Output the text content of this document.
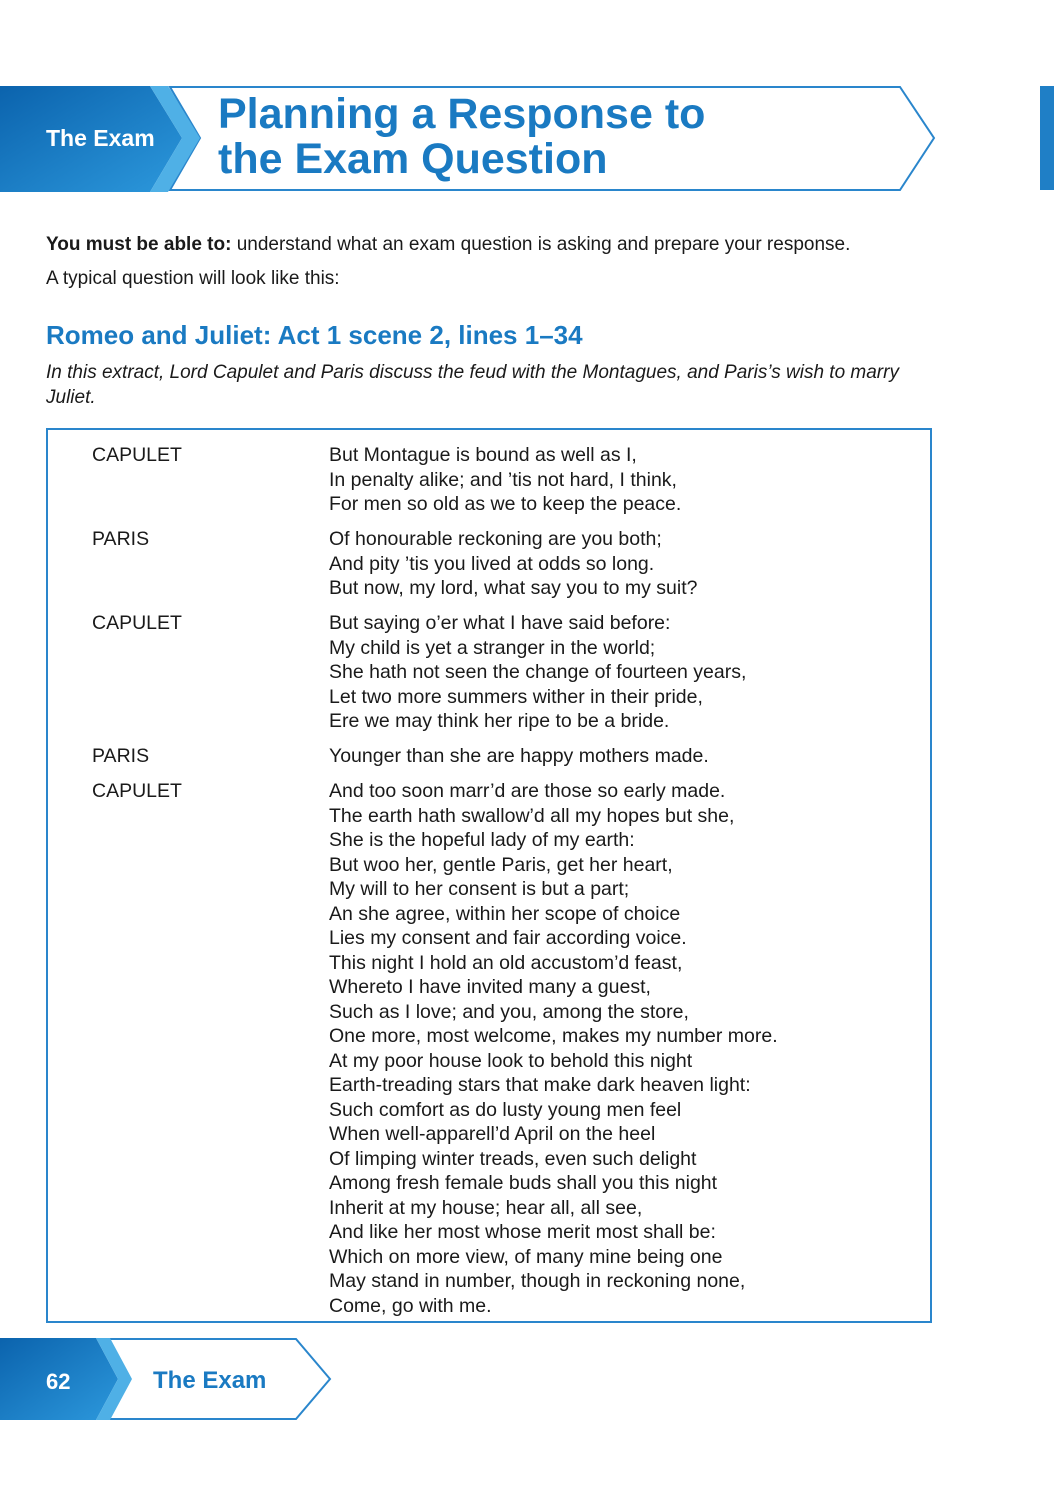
The Exam Planning a Response to
the Exam Question
You must be able to: understand what an exam question is asking and prepare your response.
A typical question will look like this:
Romeo and Juliet: Act 1 scene 2, lines 1–34
In this extract, Lord Capulet and Paris discuss the feud with the Montagues, and Paris’s wish to marry Juliet.
CAPULET	But Montague is bound as well as I,
In penalty alike; and ’tis not hard, I think,
For men so old as we to keep the peace.
PARIS	Of honourable reckoning are you both;
And pity ’tis you lived at odds so long.
But now, my lord, what say you to my suit?
CAPULET	But saying o’er what I have said before:
My child is yet a stranger in the world;
She hath not seen the change of fourteen years,
Let two more summers wither in their pride,
Ere we may think her ripe to be a bride.
PARIS	Younger than she are happy mothers made.
CAPULET	And too soon marr’d are those so early made.
The earth hath swallow’d all my hopes but she,
She is the hopeful lady of my earth:
But woo her, gentle Paris, get her heart,
My will to her consent is but a part;
An she agree, within her scope of choice
Lies my consent and fair according voice.
This night I hold an old accustom’d feast,
Whereto I have invited many a guest,
Such as I love; and you, among the store,
One more, most welcome, makes my number more.
At my poor house look to behold this night
Earth-treading stars that make dark heaven light:
Such comfort as do lusty young men feel
When well-apparell’d April on the heel
Of limping winter treads, even such delight
Among fresh female buds shall you this night
Inherit at my house; hear all, all see,
And like her most whose merit most shall be:
Which on more view, of many mine being one
May stand in number, though in reckoning none,
Come, go with me.
62	The Exam
